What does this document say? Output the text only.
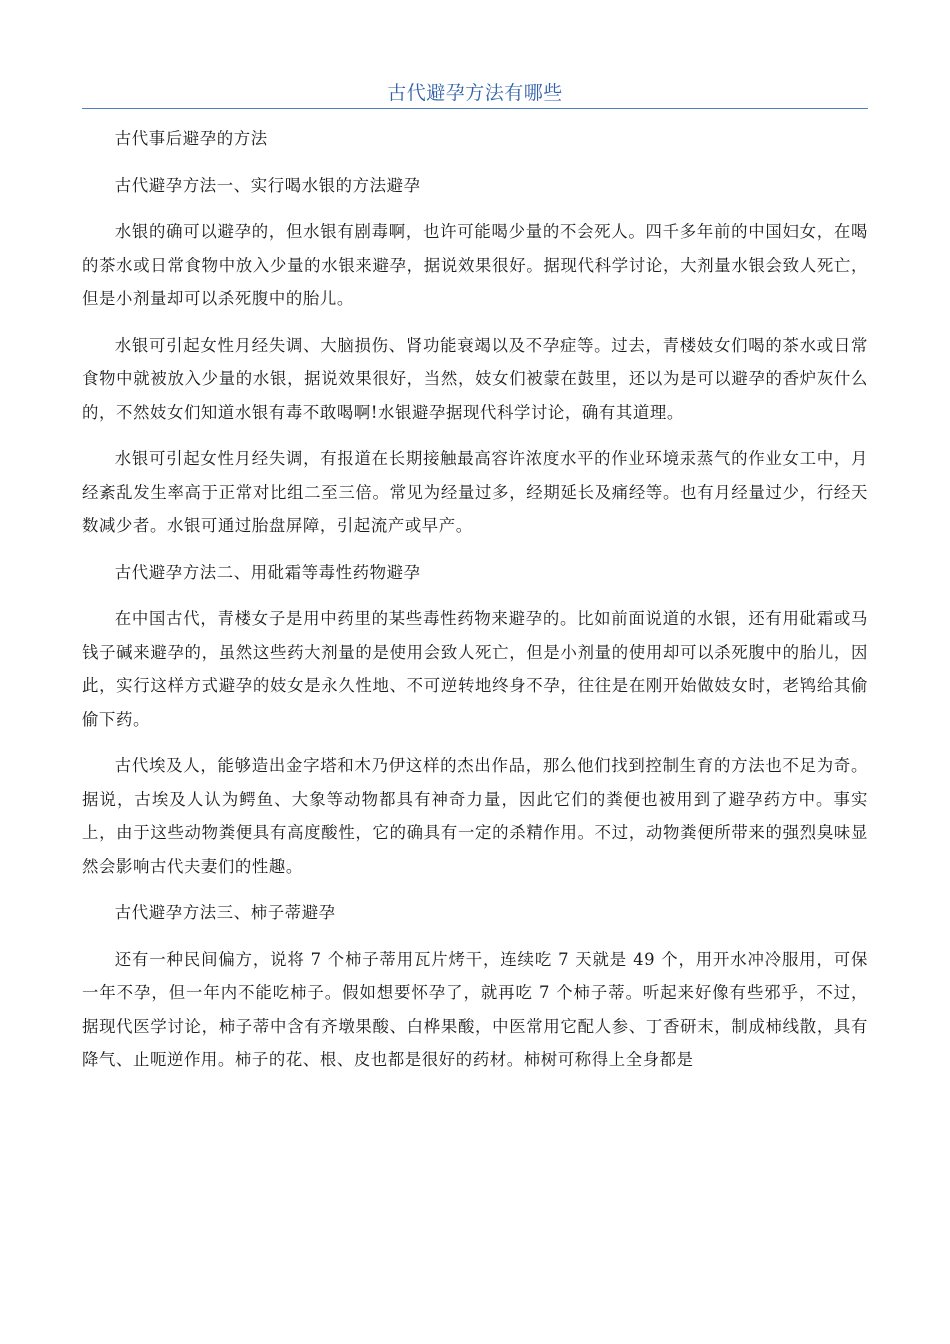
古代避孕方法有哪些

古代事后避孕的方法

古代避孕方法一、实行喝水银的方法避孕

水银的确可以避孕的，但水银有剧毒啊，也许可能喝少量的不会死人。四千多年前的中国妇女，在喝的茶水或日常食物中放入少量的水银来避孕，据说效果很好。据现代科学讨论，大剂量水银会致人死亡，但是小剂量却可以杀死腹中的胎儿。

水银可引起女性月经失调、大脑损伤、肾功能衰竭以及不孕症等。过去，青楼妓女们喝的茶水或日常食物中就被放入少量的水银，据说效果很好，当然，妓女们被蒙在鼓里，还以为是可以避孕的香炉灰什么的，不然妓女们知道水银有毒不敢喝啊!水银避孕据现代科学讨论，确有其道理。

水银可引起女性月经失调，有报道在长期接触最高容许浓度水平的作业环境汞蒸气的作业女工中，月经紊乱发生率高于正常对比组二至三倍。常见为经量过多，经期延长及痛经等。也有月经量过少，行经天数减少者。水银可通过胎盘屏障，引起流产或早产。

古代避孕方法二、用砒霜等毒性药物避孕

在中国古代，青楼女子是用中药里的某些毒性药物来避孕的。比如前面说道的水银，还有用砒霜或马钱子碱来避孕的，虽然这些药大剂量的是使用会致人死亡，但是小剂量的使用却可以杀死腹中的胎儿，因此，实行这样方式避孕的妓女是永久性地、不可逆转地终身不孕，往往是在刚开始做妓女时，老鸨给其偷偷下药。

古代埃及人，能够造出金字塔和木乃伊这样的杰出作品，那么他们找到控制生育的方法也不足为奇。据说，古埃及人认为鳄鱼、大象等动物都具有神奇力量，因此它们的粪便也被用到了避孕药方中。事实上，由于这些动物粪便具有高度酸性，它的确具有一定的杀精作用。不过，动物粪便所带来的强烈臭味显然会影响古代夫妻们的性趣。

古代避孕方法三、柿子蒂避孕

还有一种民间偏方，说将 7 个柿子蒂用瓦片烤干，连续吃 7 天就是 49 个，用开水冲冷服用，可保一年不孕，但一年内不能吃柿子。假如想要怀孕了，就再吃 7 个柿子蒂。听起来好像有些邪乎，不过，据现代医学讨论，柿子蒂中含有齐墩果酸、白桦果酸，中医常用它配人参、丁香研末，制成柿线散，具有降气、止呃逆作用。柿子的花、根、皮也都是很好的药材。柿树可称得上全身都是
